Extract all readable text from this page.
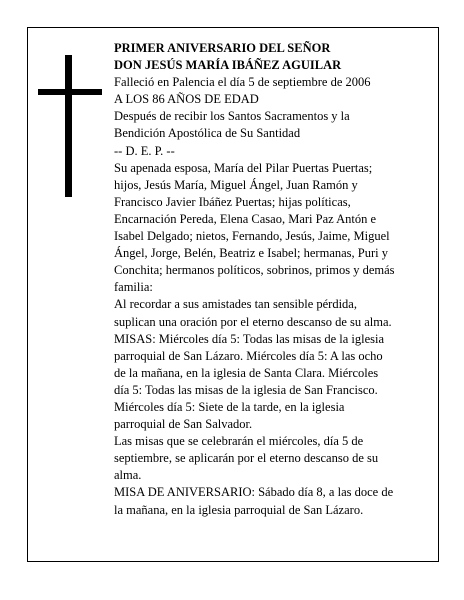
PRIMER ANIVERSARIO DEL SEÑOR
DON JESÚS MARÍA IBÁÑEZ AGUILAR
Falleció en Palencia el día 5 de septiembre de 2006
A LOS 86 AÑOS DE EDAD
Después de recibir los Santos Sacramentos y la
Bendición Apostólica de Su Santidad
-- D. E. P. --
Su apenada esposa, María del Pilar Puertas Puertas;
hijos, Jesús María, Miguel Ángel, Juan Ramón y
Francisco Javier Ibáñez Puertas; hijas políticas,
Encarnación Pereda, Elena Casao, Mari Paz Antón e
Isabel Delgado; nietos, Fernando, Jesús, Jaime, Miguel
Ángel, Jorge, Belén, Beatriz e Isabel; hermanas, Puri y
Conchita; hermanos políticos, sobrinos, primos y demás
familia:
Al recordar a sus amistades tan sensible pérdida,
suplican una oración por el eterno descanso de su alma.
MISAS: Miércoles día 5: Todas las misas de la iglesia
parroquial de San Lázaro. Miércoles día 5: A las ocho
de la mañana, en la iglesia de Santa Clara. Miércoles
día 5: Todas las misas de la iglesia de San Francisco.
Miércoles día 5: Siete de la tarde, en la iglesia
parroquial de San Salvador.
Las misas que se celebrarán el miércoles, día 5 de
septiembre, se aplicarán por el eterno descanso de su
alma.
MISA DE ANIVERSARIO: Sábado día 8, a las doce de
la mañana, en la iglesia parroquial de San Lázaro.
